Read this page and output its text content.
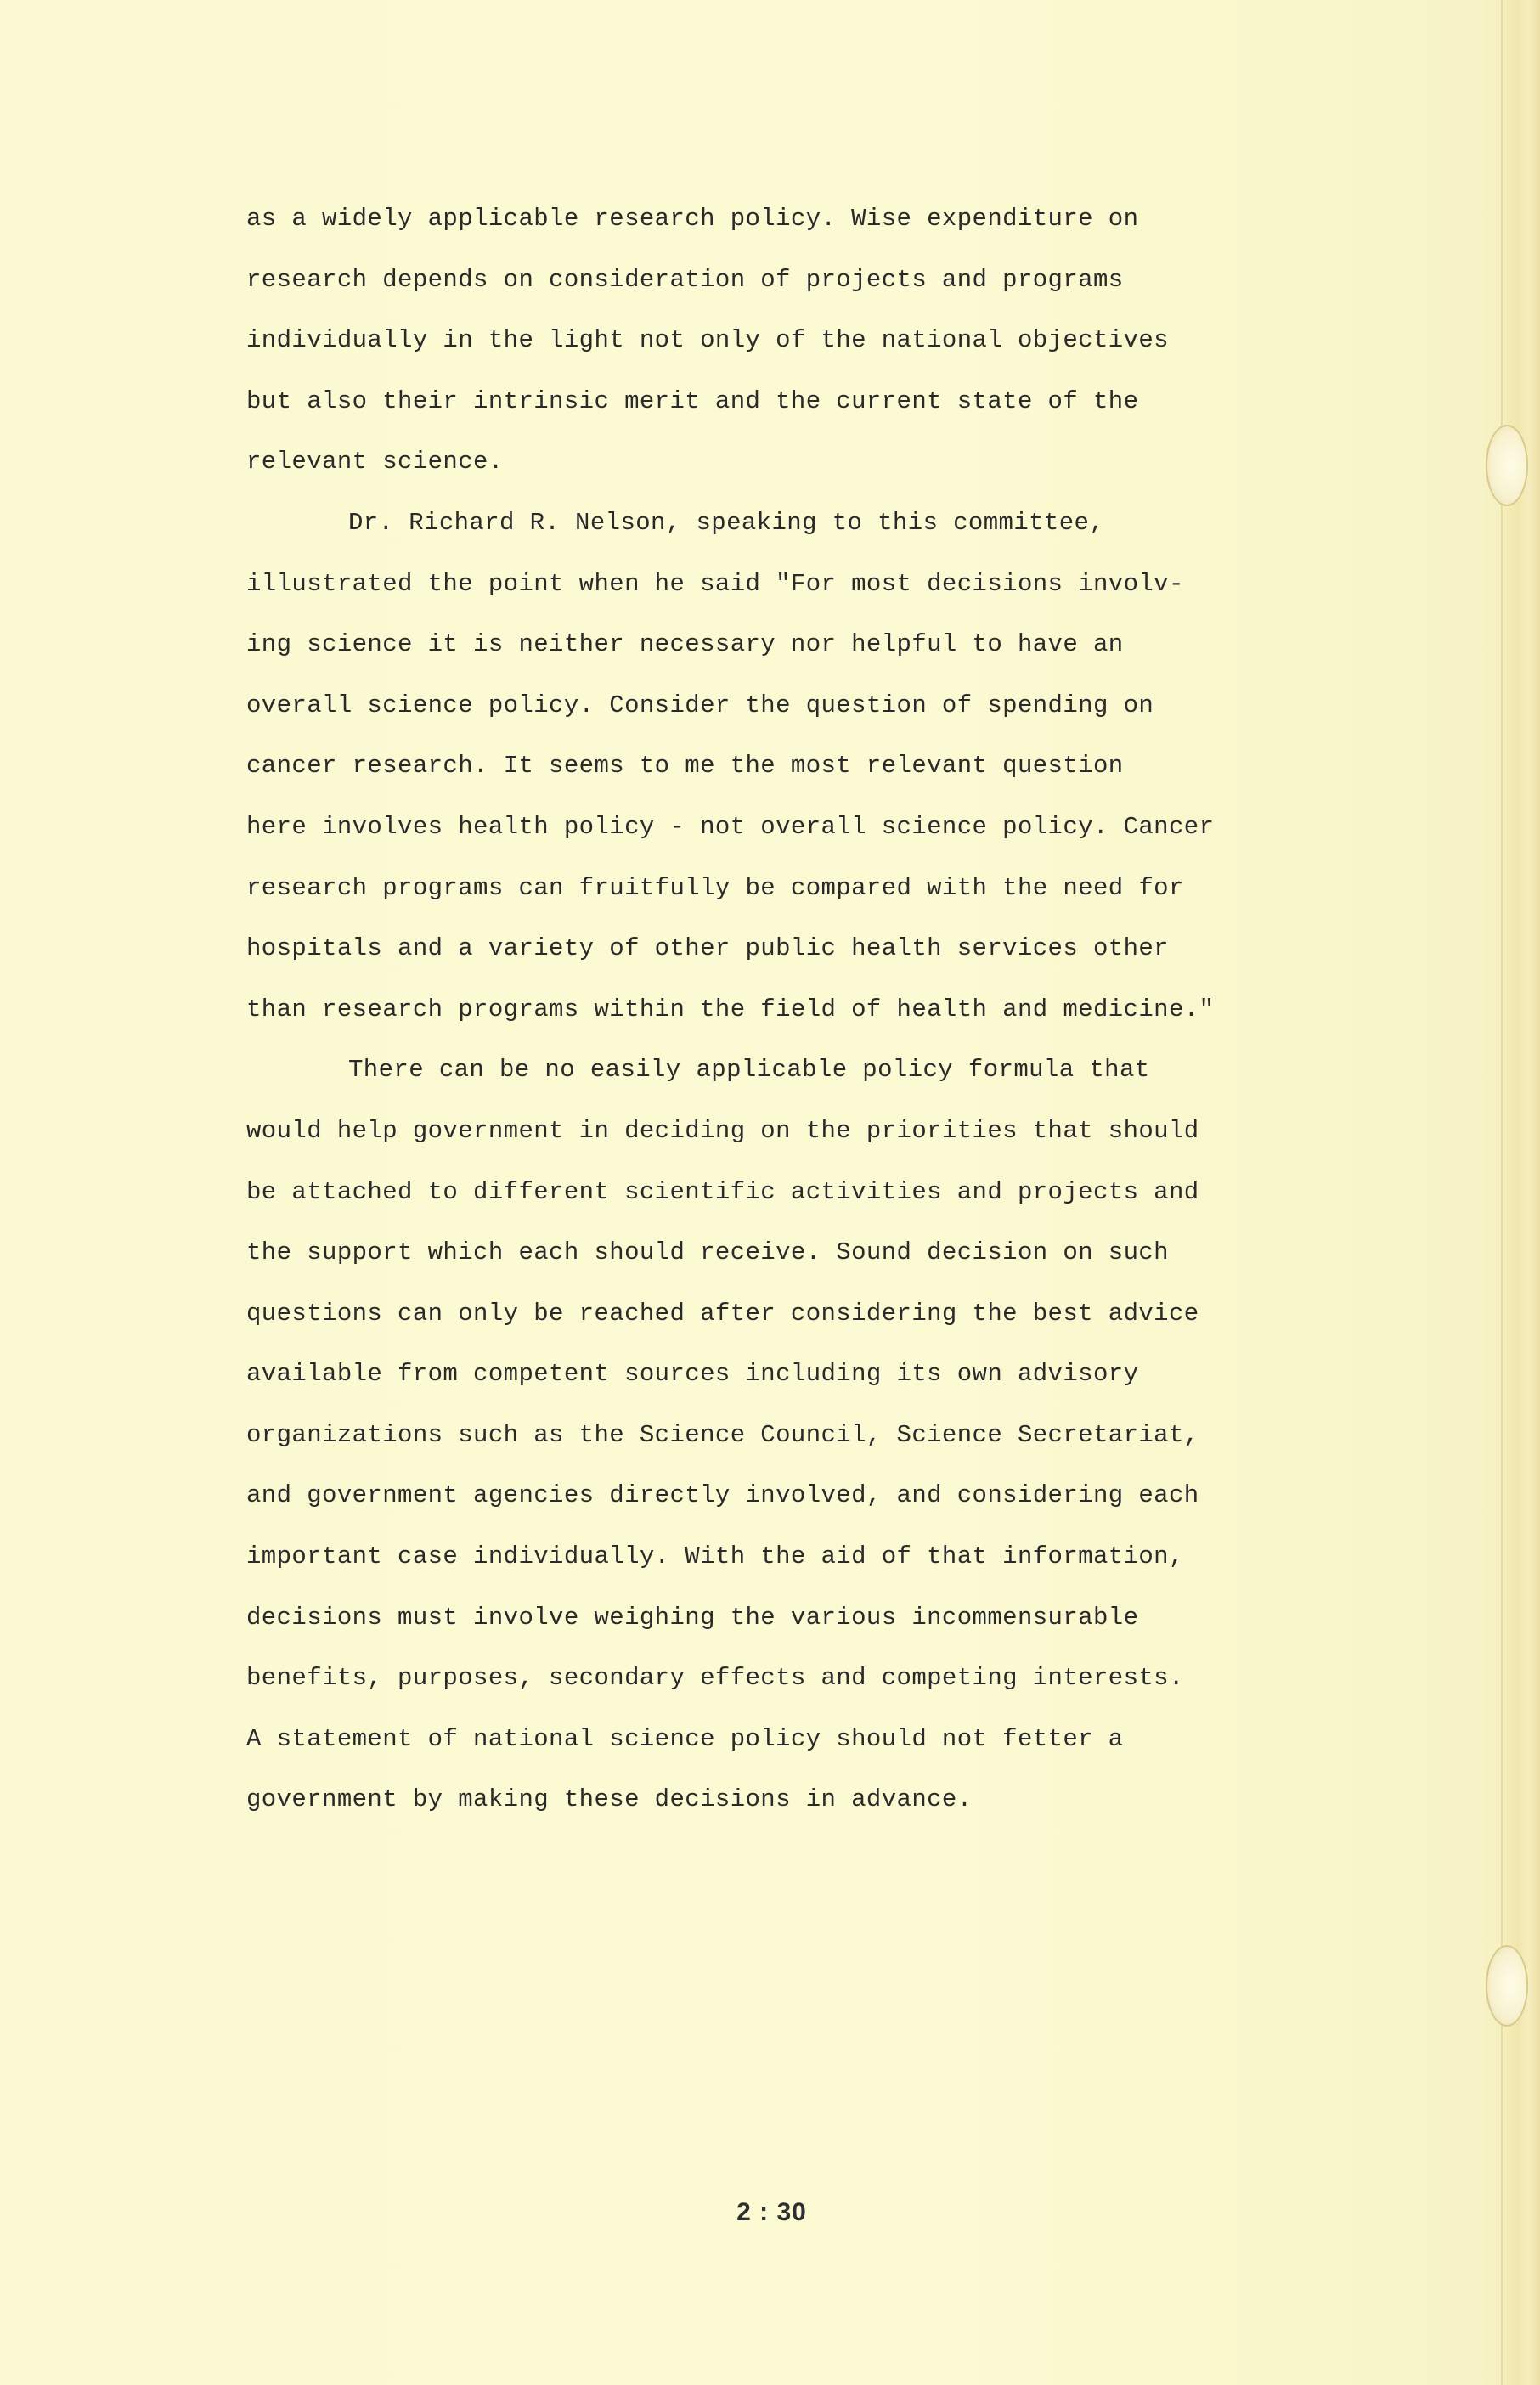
as a widely applicable research policy. Wise expenditure on
research depends on consideration of projects and programs
individually in the light not only of the national objectives
but also their intrinsic merit and the current state of the
relevant science.

Dr. Richard R. Nelson, speaking to this committee,
illustrated the point when he said "For most decisions involv-
ing science it is neither necessary nor helpful to have an
overall science policy. Consider the question of spending on
cancer research. It seems to me the most relevant question
here involves health policy - not overall science policy. Cancer
research programs can fruitfully be compared with the need for
hospitals and a variety of other public health services other
than research programs within the field of health and medicine."

There can be no easily applicable policy formula that
would help government in deciding on the priorities that should
be attached to different scientific activities and projects and
the support which each should receive. Sound decision on such
questions can only be reached after considering the best advice
available from competent sources including its own advisory
organizations such as the Science Council, Science Secretariat,
and government agencies directly involved, and considering each
important case individually. With the aid of that information,
decisions must involve weighing the various incommensurable
benefits, purposes, secondary effects and competing interests.
A statement of national science policy should not fetter a
government by making these decisions in advance.

2 : 30
